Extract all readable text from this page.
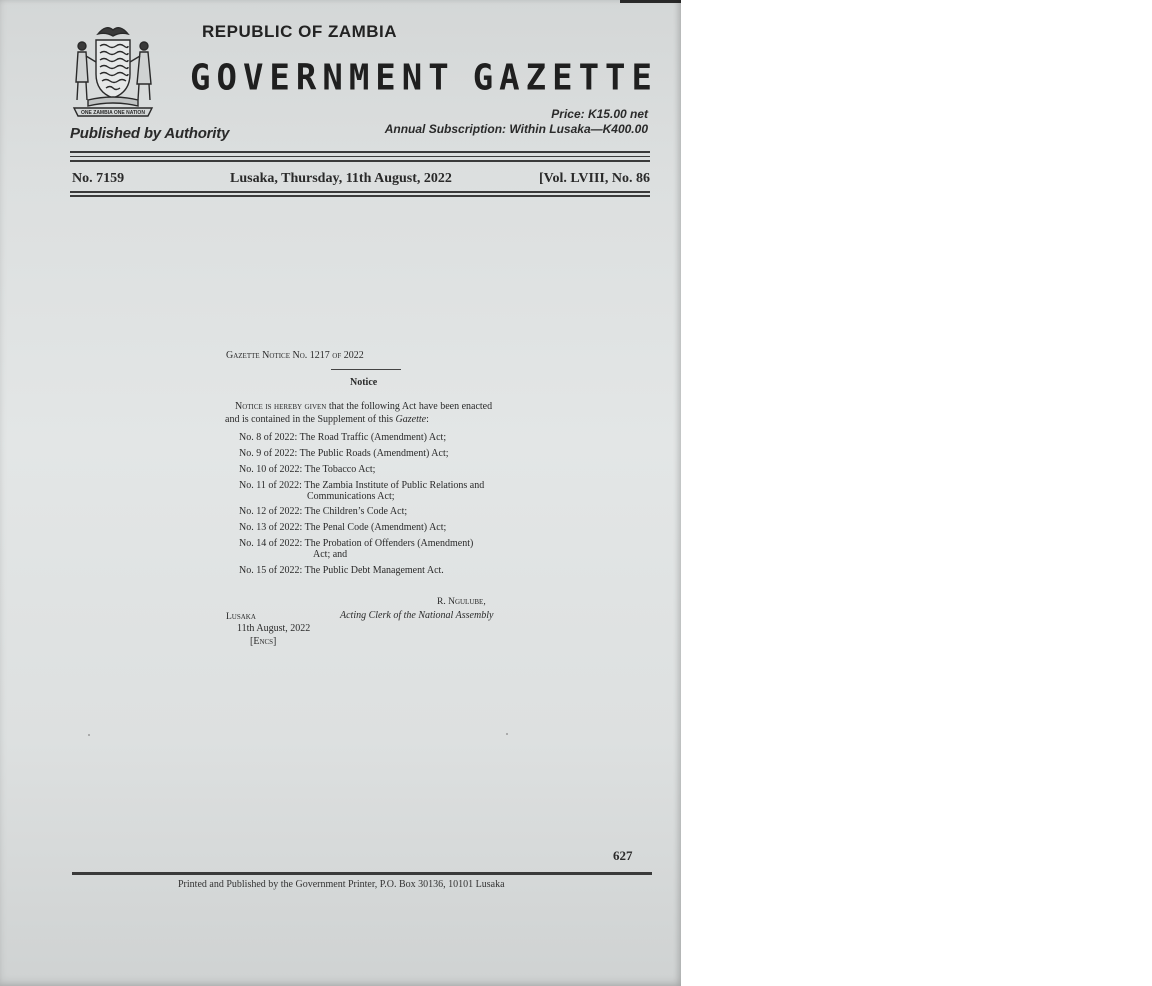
ONE ZAMBIA ONE NATION
REPUBLIC OF ZAMBIA
GOVERNMENT GAZETTE
Price: K15.00 net
Annual Subscription: Within Lusaka—K400.00
Published by Authority
No. 7159	Lusaka, Thursday, 11th August, 2022	[Vol. LVIII, No. 86
Gazette Notice No. 1217 of 2022
Notice
Notice is hereby given that the following Act have been enacted
and is contained in the Supplement of this Gazette:
No. 8 of 2022: The Road Traffic (Amendment) Act;
No. 9 of 2022: The Public Roads (Amendment) Act;
No. 10 of 2022: The Tobacco Act;
No. 11 of 2022: The Zambia Institute of Public Relations and
Communications Act;
No. 12 of 2022: The Children’s Code Act;
No. 13 of 2022: The Penal Code (Amendment) Act;
No. 14 of 2022: The Probation of Offenders (Amendment)
Act; and
No. 15 of 2022: The Public Debt Management Act.
R. Ngulube,
Acting Clerk of the National Assembly
Lusaka
11th August, 2022
[Encs]
627
Printed and Published by the Government Printer, P.O. Box 30136, 10101 Lusaka
